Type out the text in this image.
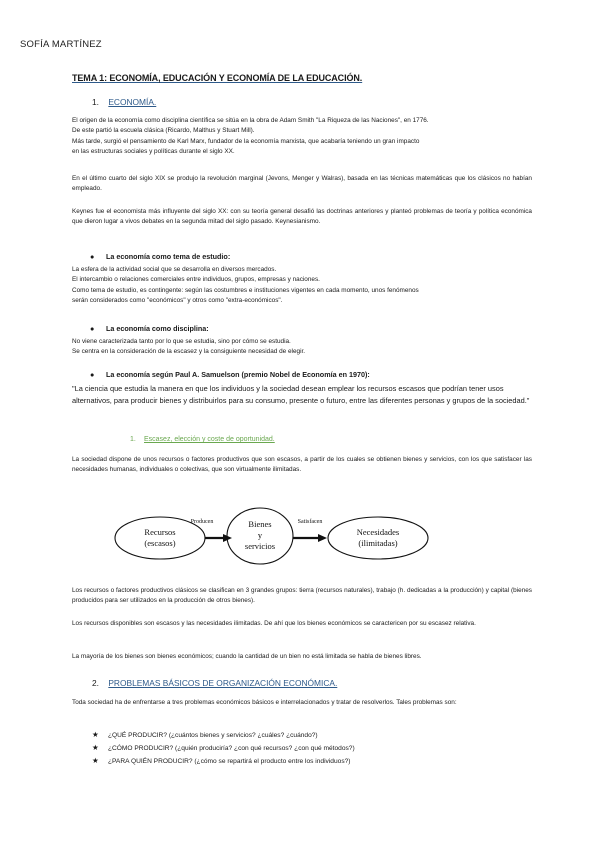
SOFÍA MARTÍNEZ
TEMA 1: ECONOMÍA, EDUCACIÓN Y ECONOMÍA DE LA EDUCACIÓN.
1. ECONOMÍA.
El origen de la economía como disciplina científica se sitúa en la obra de Adam Smith "La Riqueza de las Naciones", en 1776.
De este partió la escuela clásica (Ricardo, Malthus y Stuart Mill).
Más tarde, surgió el pensamiento de Karl Marx, fundador de la economía marxista, que acabaría teniendo un gran impacto
en las estructuras sociales y políticas durante el siglo XX.
En el último cuarto del siglo XIX se produjo la revolución marginal (Jevons, Menger y Walras), basada en las técnicas matemáticas que los clásicos no habían empleado.
Keynes fue el economista más influyente del siglo XX: con su teoría general desafió las doctrinas anteriores y planteó problemas de teoría y política económica que dieron lugar a vivos debates en la segunda mitad del siglo pasado. Keynesianismo.
● La economía como tema de estudio:
La esfera de la actividad social que se desarrolla en diversos mercados.
El intercambio o relaciones comerciales entre individuos, grupos, empresas y naciones.
Como tema de estudio, es contingente: según las costumbres e instituciones vigentes en cada momento, unos fenómenos
serán considerados como "económicos" y otros como "extra-económicos".
● La economía como disciplina:
No viene caracterizada tanto por lo que se estudia, sino por cómo se estudia.
Se centra en la consideración de la escasez y la consiguiente necesidad de elegir.
● La economía según Paul A. Samuelson (premio Nobel de Economía en 1970):
"La ciencia que estudia la manera en que los individuos y la sociedad desean emplear los recursos escasos que podrían tener usos alternativos, para producir bienes y distribuirlos para su consumo, presente o futuro, entre las diferentes personas y grupos de la sociedad."
1. Escasez, elección y coste de oportunidad.
La sociedad dispone de unos recursos o factores productivos que son escasos, a partir de los cuales se obtienen bienes y servicios, con los que satisfacer las necesidades humanas, individuales o colectivas, que son virtualmente ilimitadas.
Recursos
(escasos)
Producen	Bienes
y
servicios
Satisfacen
Necesidades
(ilimitadas)
Los recursos o factores productivos clásicos se clasifican en 3 grandes grupos: tierra (recursos naturales), trabajo (h. dedicadas a la producción) y capital (bienes producidos para ser utilizados en la producción de otros bienes).
Los recursos disponibles son escasos y las necesidades ilimitadas. De ahí que los bienes económicos se caractericen por su escasez relativa.
La mayoría de los bienes son bienes económicos; cuando la cantidad de un bien no está limitada se habla de bienes libres.
2. PROBLEMAS BÁSICOS DE ORGANIZACIÓN ECONÓMICA.
Toda sociedad ha de enfrentarse a tres problemas económicos básicos e interrelacionados y tratar de resolverlos. Tales problemas son:
★ ¿QUÉ PRODUCIR? (¿cuántos bienes y servicios? ¿cuáles? ¿cuándo?)
★ ¿CÓMO PRODUCIR? (¿quién produciría? ¿con qué recursos? ¿con qué métodos?)
★ ¿PARA QUIÉN PRODUCIR? (¿cómo se repartirá el producto entre los individuos?)
